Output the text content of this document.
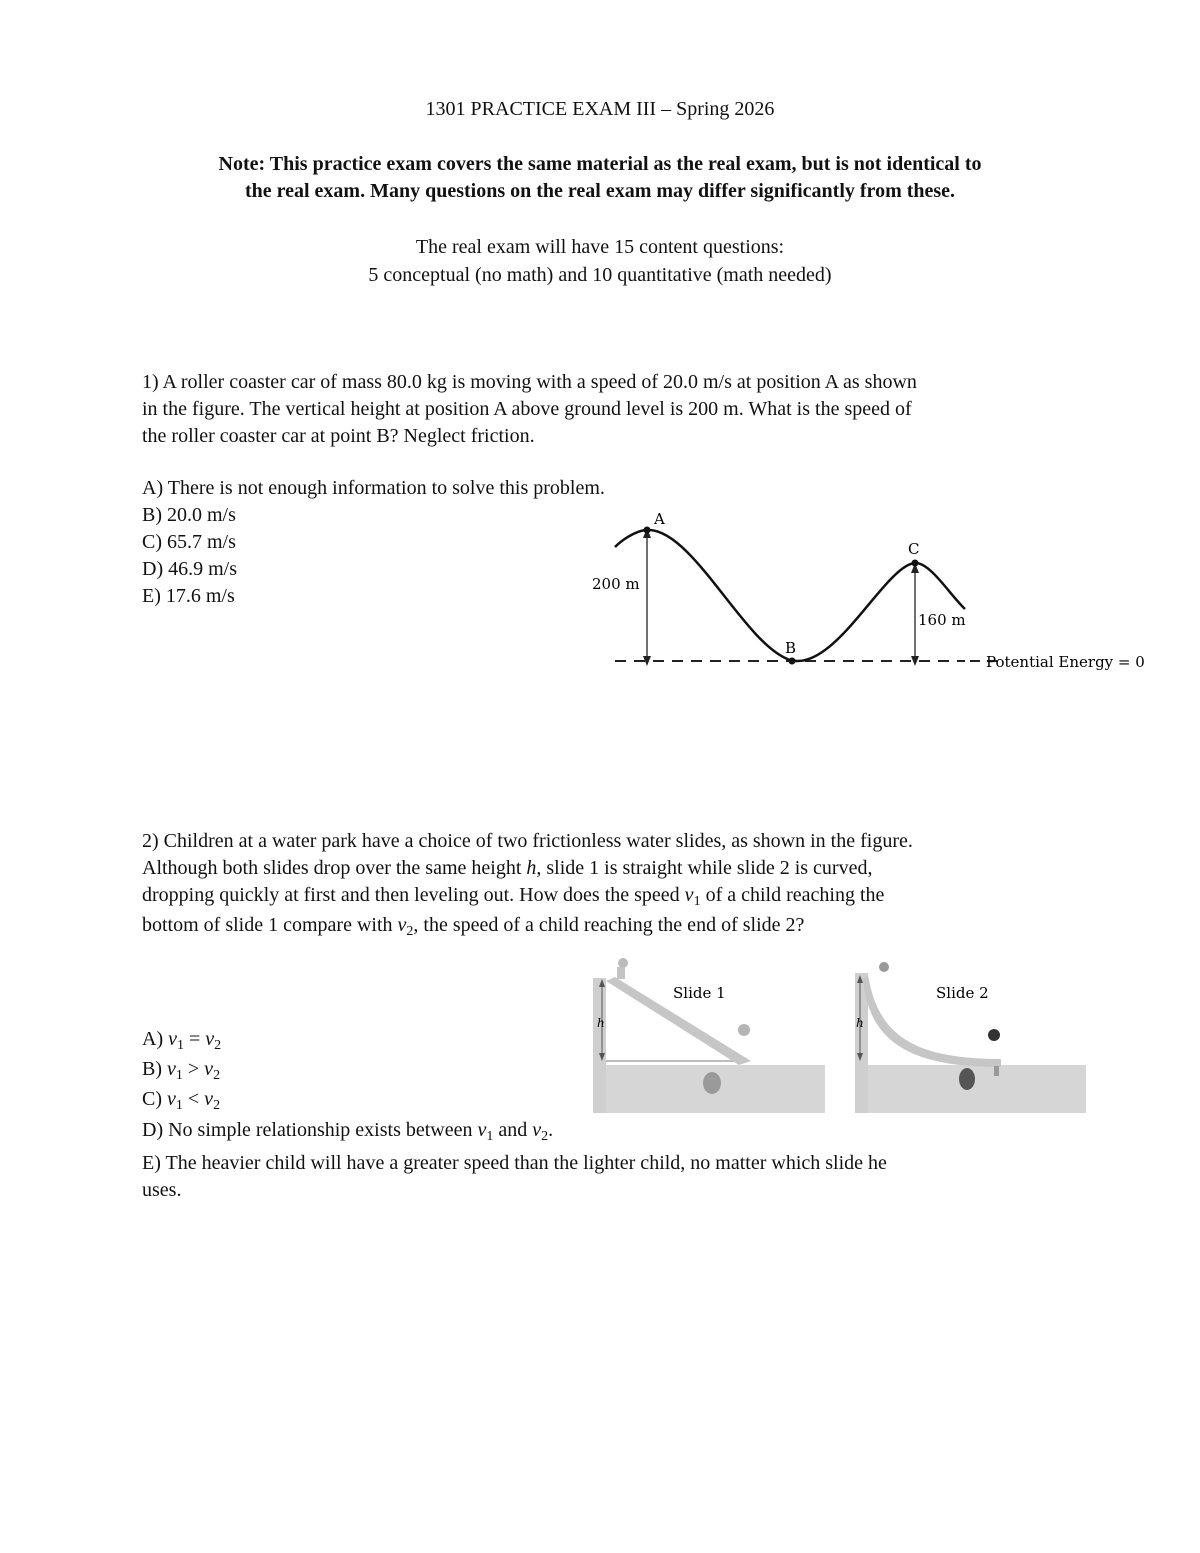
1301 PRACTICE EXAM III – Spring 2026
Note: This practice exam covers the same material as the real exam, but is not identical to
the real exam. Many questions on the real exam may differ significantly from these.
The real exam will have 15 content questions:
5 conceptual (no math) and 10 quantitative (math needed)
1) A roller coaster car of mass 80.0 kg is moving with a speed of 20.0 m/s at position A as shown
in the figure. The vertical height at position A above ground level is 200 m. What is the speed of
the roller coaster car at point B? Neglect friction.
A) There is not enough information to solve this problem.
B) 20.0 m/s
C) 65.7 m/s
D) 46.9 m/s
E) 17.6 m/s
A
B
C
200 m
160 m
Potential Energy = 0
2) Children at a water park have a choice of two frictionless water slides, as shown in the figure.
Although both slides drop over the same height h, slide 1 is straight while slide 2 is curved,
dropping quickly at first and then leveling out. How does the speed $v_1$ of a child reaching the
bottom of slide 1 compare with $v_2$, the speed of a child reaching the end of slide 2?
h
Slide 1
h
Slide 2
A) $v_1 = v_2$
B) $v_1 > v_2$
C) $v_1 < v_2$
D) No simple relationship exists between $v_1$ and $v_2$.
E) The heavier child will have a greater speed than the lighter child, no matter which slide he
uses.
